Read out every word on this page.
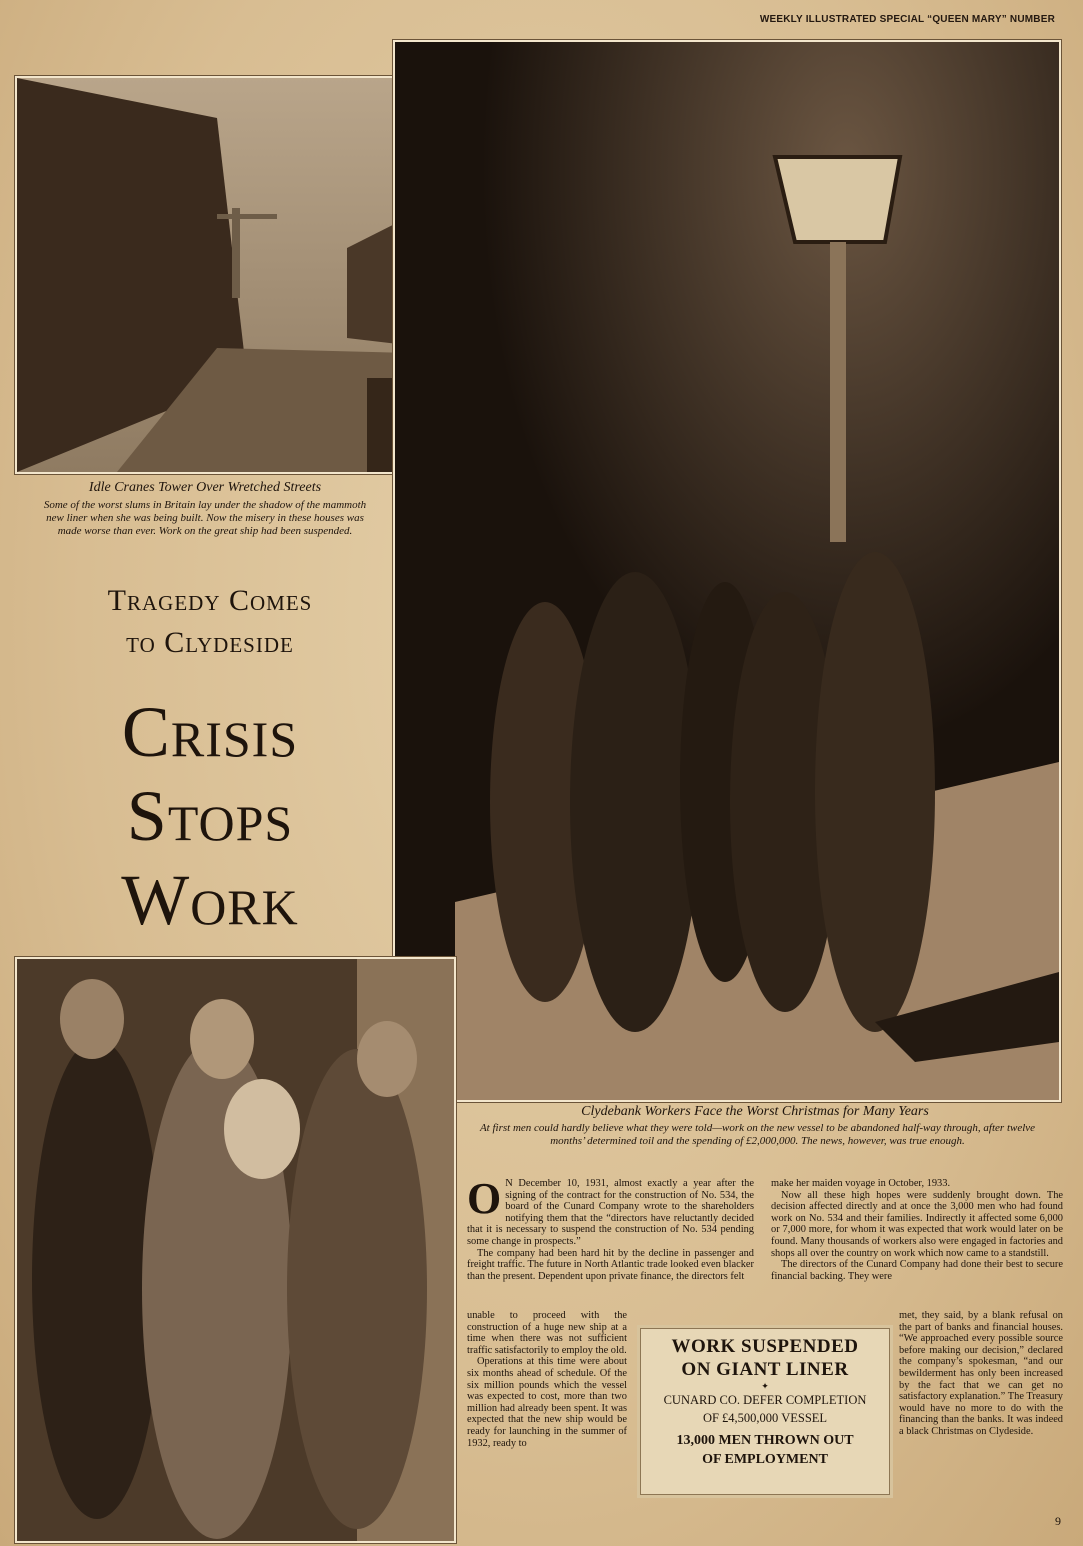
WEEKLY ILLUSTRATED SPECIAL “QUEEN MARY” NUMBER
Idle Cranes Tower Over Wretched Streets
Some of the worst slums in Britain lay under the shadow of the mammoth new liner when she was being built. Now the misery in these houses was made worse than ever. Work on the great ship had been suspended.
Tragedy Comes
to Clydeside
Crisis
Stops
Work
Clydebank Workers Face the Worst Christmas for Many Years
At first men could hardly believe what they were told—work on the new vessel to be abandoned half-way through, after twelve months’ determined toil and the spending of £2,000,000. The news, however, was true enough.
O N December 10, 1931, almost exactly a year after the signing of the contract for the construction of No. 534, the board of the Cunard Company wrote to the shareholders notifying them that the “directors have reluctantly decided that it is necessary to suspend the construction of No. 534 pending some change in prospects.”

The company had been hard hit by the decline in passenger and freight traffic. The future in North Atlantic trade looked even blacker than the present. Dependent upon private finance, the directors felt

unable to proceed with the construction of a huge new ship at a time when there was not sufficient traffic satisfactorily to employ the old.

Operations at this time were about six months ahead of schedule. Of the six million pounds which the vessel was expected to cost, more than two million had already been spent. It was expected that the new ship would be ready for launching in the summer of 1932, ready to

make her maiden voyage in October, 1933.

Now all these high hopes were suddenly brought down. The decision affected directly and at once the 3,000 men who had found work on No. 534 and their families. Indirectly it affected some 6,000 or 7,000 more, for whom it was expected that work would later on be found. Many thousands of workers also were engaged in factories and shops all over the country on work which now came to a standstill.

The directors of the Cunard Company had done their best to secure financial backing. They were

met, they said, by a blank refusal on the part of banks and financial houses. “We approached every possible source before making our decision,” declared the company’s spokesman, “and our bewilderment has only been increased by the fact that we can get no satisfactory explanation.” The Treasury would have no more to do with the financing than the banks. It was indeed a black Christmas on Clydeside.

WORK SUSPENDED
ON GIANT LINER
✦
CUNARD CO. DEFER COMPLETION
OF £4,500,000 VESSEL
13,000 MEN THROWN OUT
OF EMPLOYMENT
9
